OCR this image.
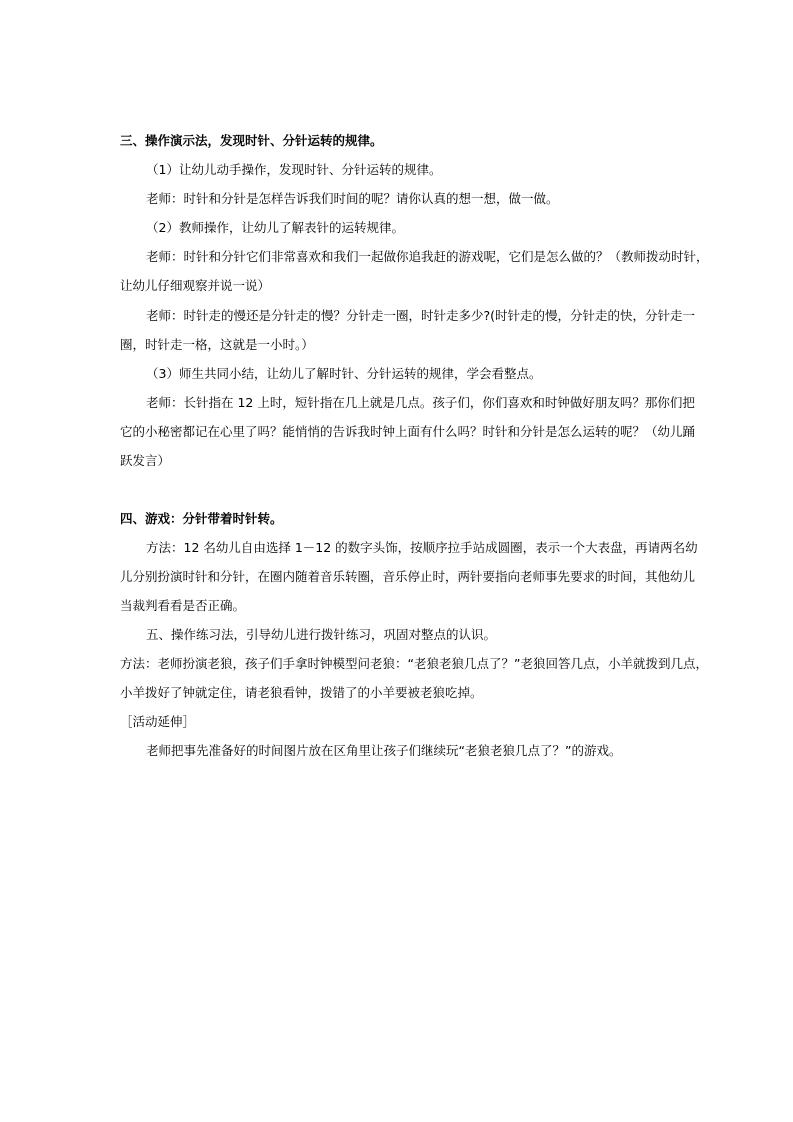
三、操作演示法，发现时针、分针运转的规律。
（1）让幼儿动手操作，发现时针、分针运转的规律。
老师：时针和分针是怎样告诉我们时间的呢？请你认真的想一想，做一做。
（2）教师操作，让幼儿了解表针的运转规律。
老师：时针和分针它们非常喜欢和我们一起做你追我赶的游戏呢，它们是怎么做的？（教师拨动时针，
让幼儿仔细观察并说一说）
老师：时针走的慢还是分针走的慢？分针走一圈，时针走多少?(时针走的慢，分针走的快，分针走一
圈，时针走一格，这就是一小时。）
（3）师生共同小结，让幼儿了解时针、分针运转的规律，学会看整点。
老师：长针指在 12 上时，短针指在几上就是几点。孩子们，你们喜欢和时钟做好朋友吗？那你们把
它的小秘密都记在心里了吗？能悄悄的告诉我时钟上面有什么吗？时针和分针是怎么运转的呢？（幼儿踊
跃发言）
四、游戏：分针带着时针转。
方法：12 名幼儿自由选择 1－12 的数字头饰，按顺序拉手站成圆圈，表示一个大表盘，再请两名幼
儿分别扮演时针和分针，在圈内随着音乐转圈，音乐停止时，两针要指向老师事先要求的时间，其他幼儿
当裁判看看是否正确。
五、操作练习法，引导幼儿进行拨针练习，巩固对整点的认识。
方法：老师扮演老狼，孩子们手拿时钟模型问老狼：“老狼老狼几点了？”老狼回答几点，小羊就拨到几点，
小羊拨好了钟就定住，请老狼看钟，拨错了的小羊要被老狼吃掉。
［活动延伸］
老师把事先准备好的时间图片放在区角里让孩子们继续玩“老狼老狼几点了？”的游戏。
